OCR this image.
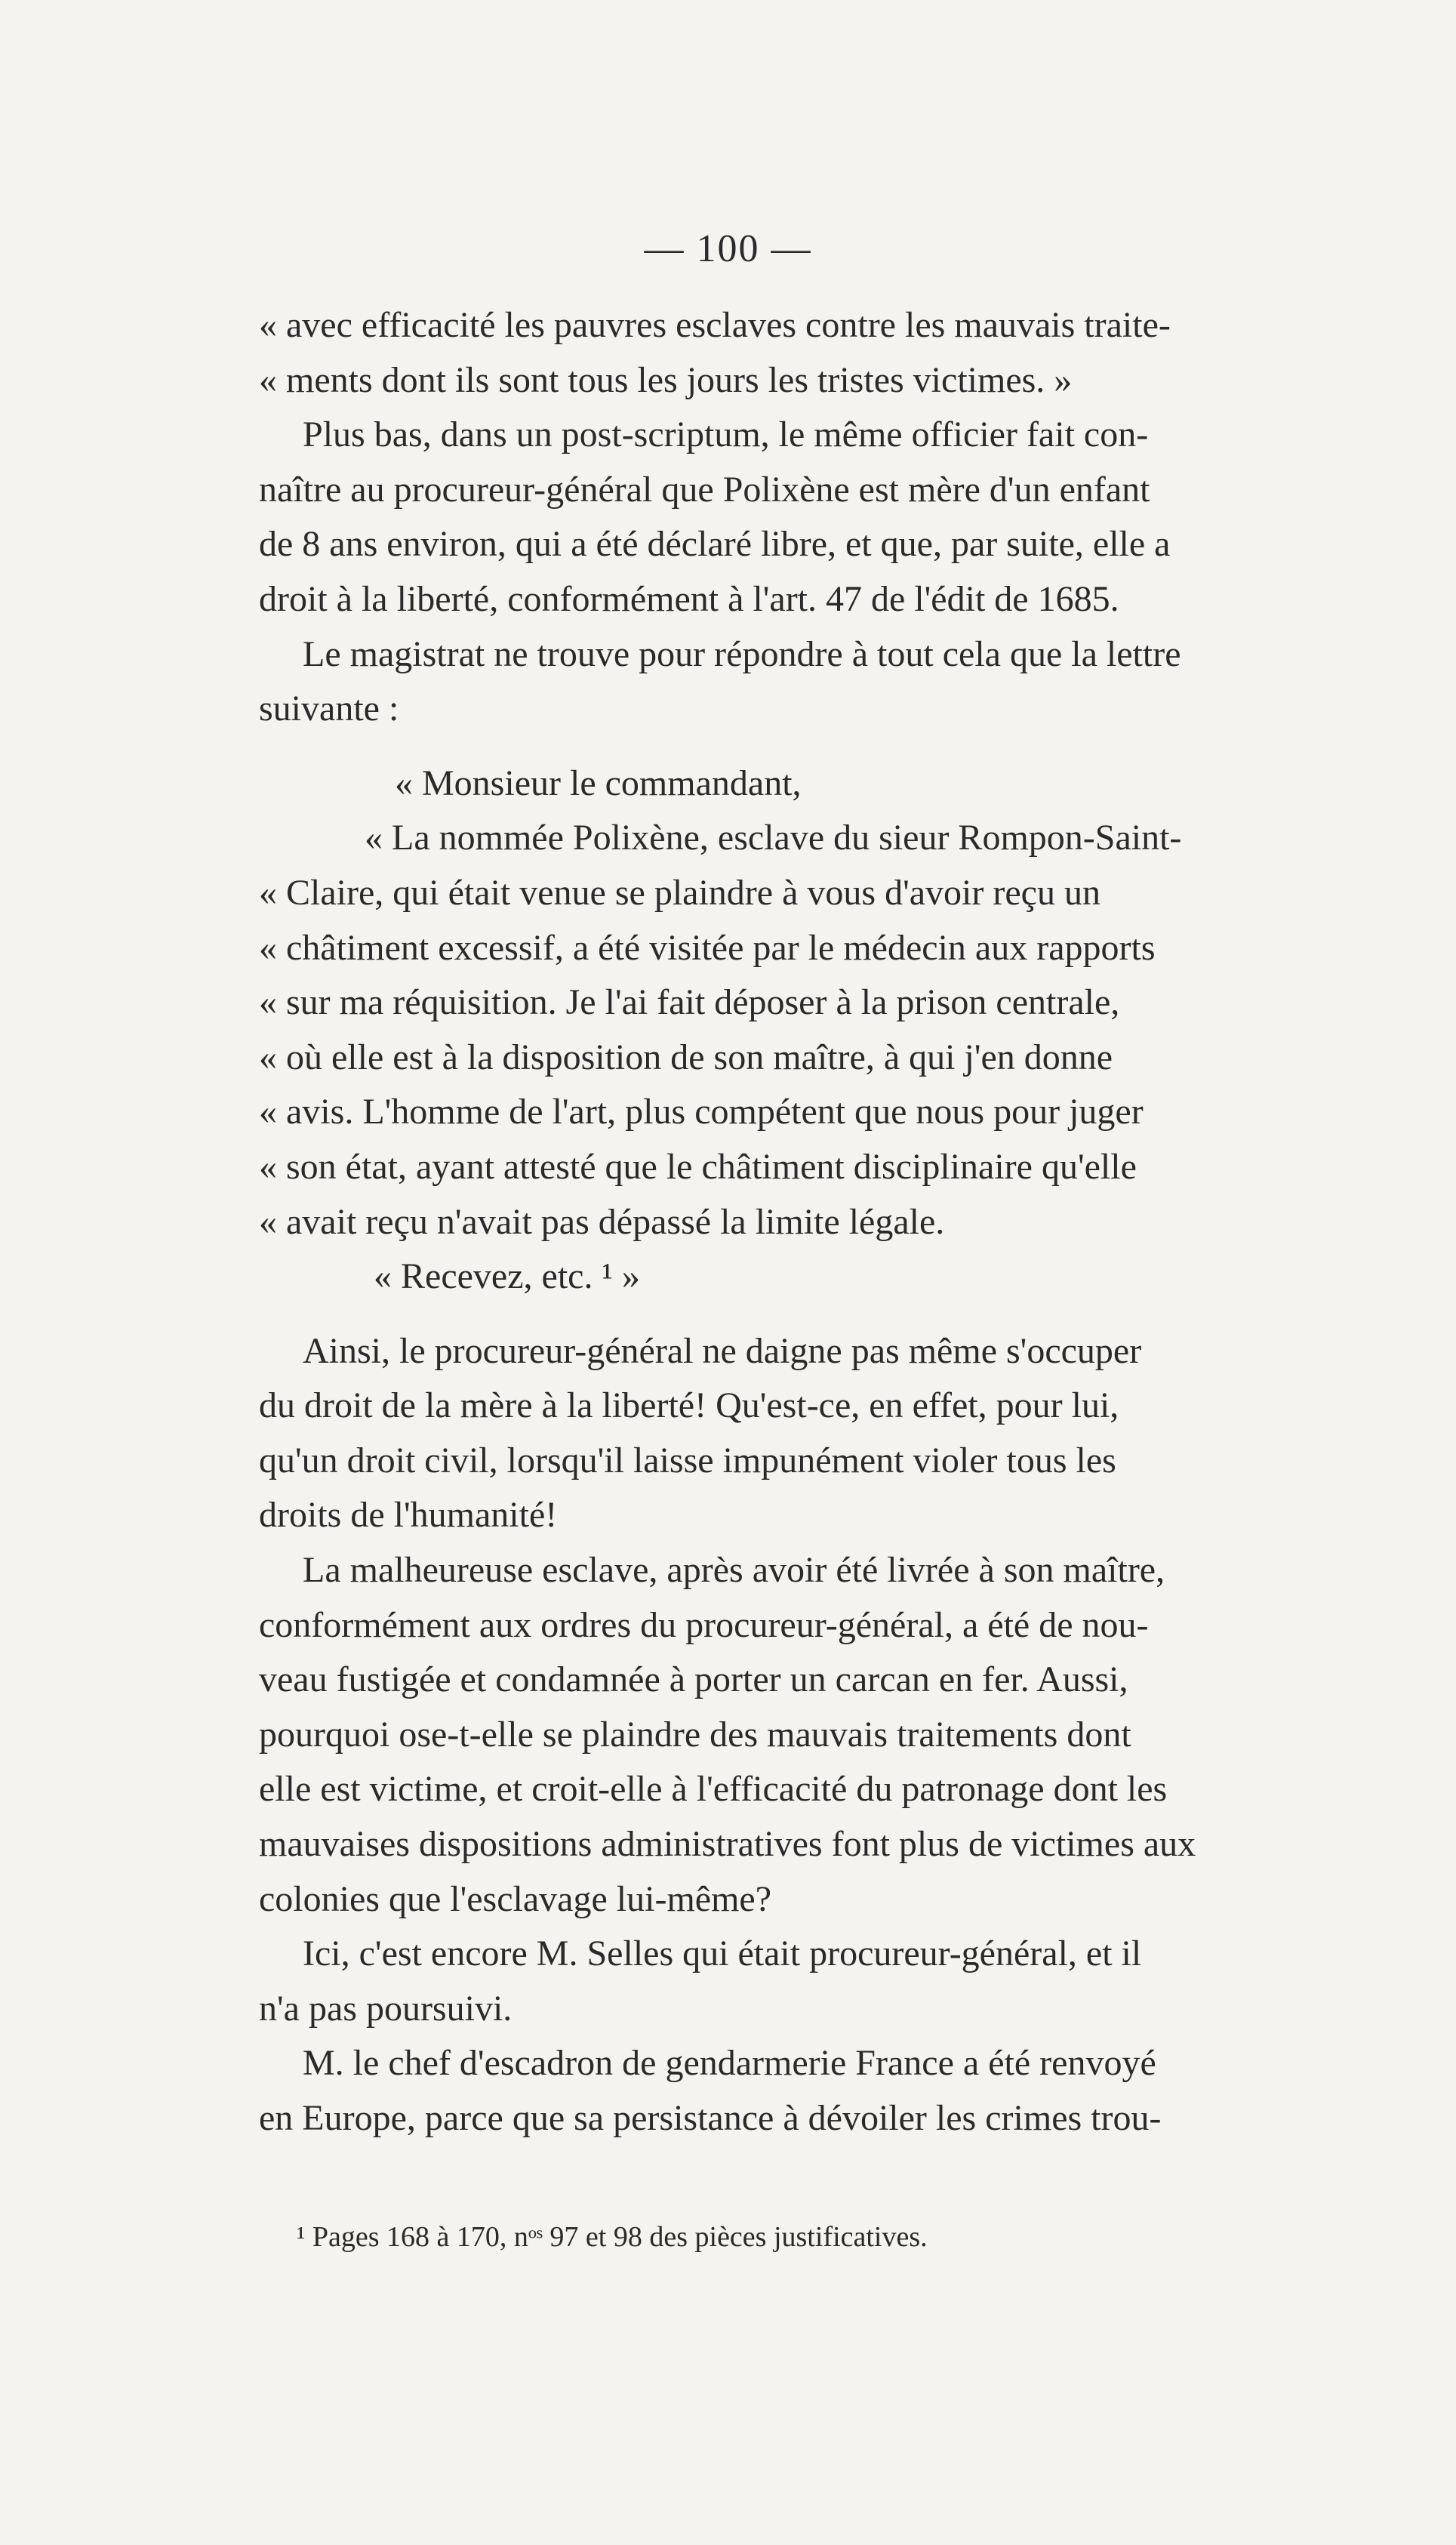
— 100 —
« avec efficacité les pauvres esclaves contre les mauvais traite-
« ments dont ils sont tous les jours les tristes victimes. »
Plus bas, dans un post-scriptum, le même officier fait con-
naître au procureur-général que Polixène est mère d'un enfant
de 8 ans environ, qui a été déclaré libre, et que, par suite, elle a
droit à la liberté, conformément à l'art. 47 de l'édit de 1685.
Le magistrat ne trouve pour répondre à tout cela que la lettre
suivante :
« Monsieur le commandant,
« La nommée Polixène, esclave du sieur Rompon-Saint-
« Claire, qui était venue se plaindre à vous d'avoir reçu un
« châtiment excessif, a été visitée par le médecin aux rapports
« sur ma réquisition. Je l'ai fait déposer à la prison centrale,
« où elle est à la disposition de son maître, à qui j'en donne
« avis. L'homme de l'art, plus compétent que nous pour juger
« son état, ayant attesté que le châtiment disciplinaire qu'elle
« avait reçu n'avait pas dépassé la limite légale.
« Recevez, etc. ¹ »
Ainsi, le procureur-général ne daigne pas même s'occuper
du droit de la mère à la liberté! Qu'est-ce, en effet, pour lui,
qu'un droit civil, lorsqu'il laisse impunément violer tous les
droits de l'humanité!
La malheureuse esclave, après avoir été livrée à son maître,
conformément aux ordres du procureur-général, a été de nou-
veau fustigée et condamnée à porter un carcan en fer. Aussi,
pourquoi ose-t-elle se plaindre des mauvais traitements dont
elle est victime, et croit-elle à l'efficacité du patronage dont les
mauvaises dispositions administratives font plus de victimes aux
colonies que l'esclavage lui-même?
Ici, c'est encore M. Selles qui était procureur-général, et il
n'a pas poursuivi.
M. le chef d'escadron de gendarmerie France a été renvoyé
en Europe, parce que sa persistance à dévoiler les crimes trou-
¹ Pages 168 à 170, nᵒˢ 97 et 98 des pièces justificatives.
